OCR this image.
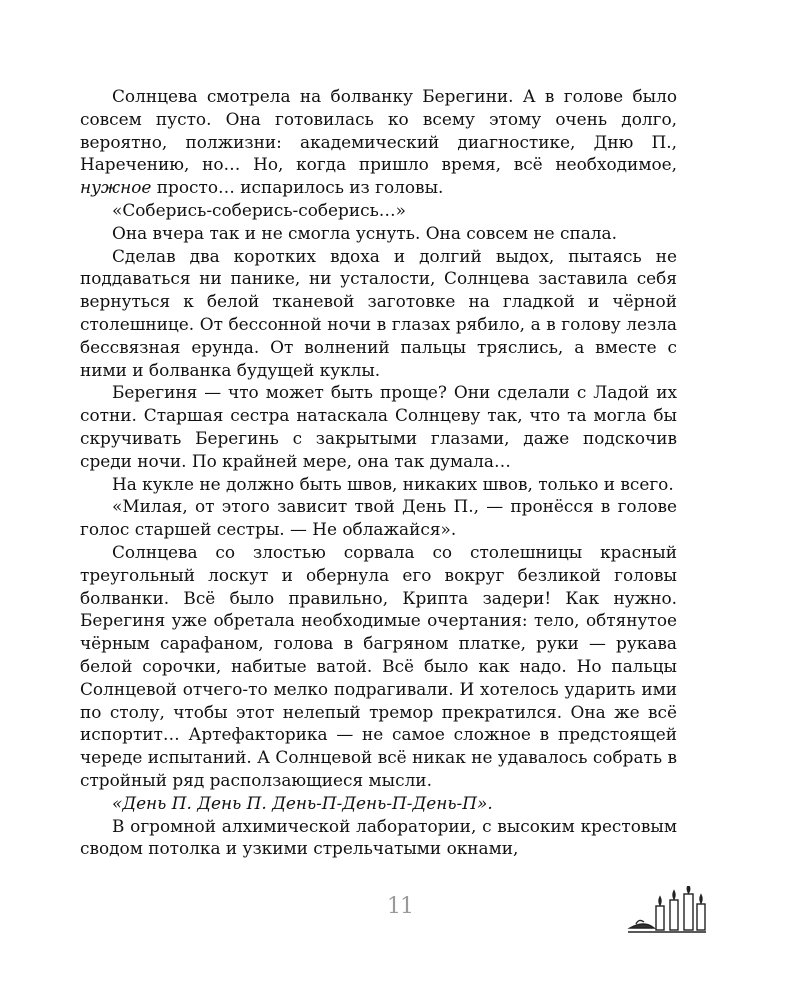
Солнцева смотрела на болванку Берегини. А в голове было совсем пусто. Она готовилась ко всему этому очень долго, вероятно, полжизни: академический диагностике, Дню П., Наречению, но… Но, когда пришло время, всё необходимое, нужное просто… испарилось из головы.

«Соберись-соберись-соберись…»

Она вчера так и не смогла уснуть. Она совсем не спала.

Сделав два коротких вдоха и долгий выдох, пытаясь не поддаваться ни панике, ни усталости, Солнцева заставила себя вернуться к белой тканевой заготовке на гладкой и чёрной столешнице. От бессонной ночи в глазах рябило, а в голову лезла бессвязная ерунда. От волнений пальцы тряслись, а вместе с ними и болванка будущей куклы.

Берегиня — что может быть проще? Они сделали с Ладой их сотни. Старшая сестра натаскала Солнцеву так, что та могла бы скручивать Берегинь с закрытыми глазами, даже подскочив среди ночи. По крайней мере, она так думала…

На кукле не должно быть швов, никаких швов, только и всего.

«Милая, от этого зависит твой День П., — пронёсся в голове голос старшей сестры. — Не облажайся».

Солнцева со злостью сорвала со столешницы красный треугольный лоскут и обернула его вокруг безликой головы болванки. Всё было правильно, Крипта задери! Как нужно. Берегиня уже обретала необходимые очертания: тело, обтянутое чёрным сарафаном, голова в багряном платке, руки — рукава белой сорочки, набитые ватой. Всё было как надо. Но пальцы Солнцевой отчего-то мелко подрагивали. И хотелось ударить ими по столу, чтобы этот нелепый тремор прекратился. Она же всё испортит… Артефакторика — не самое сложное в предстоящей череде испытаний. А Солнцевой всё никак не удавалось собрать в стройный ряд расползающиеся мысли.

«День П. День П. День-П-День-П-День-П».

В огромной алхимической лаборатории, с высоким крестовым сводом потолка и узкими стрельчатыми окнами,

11
